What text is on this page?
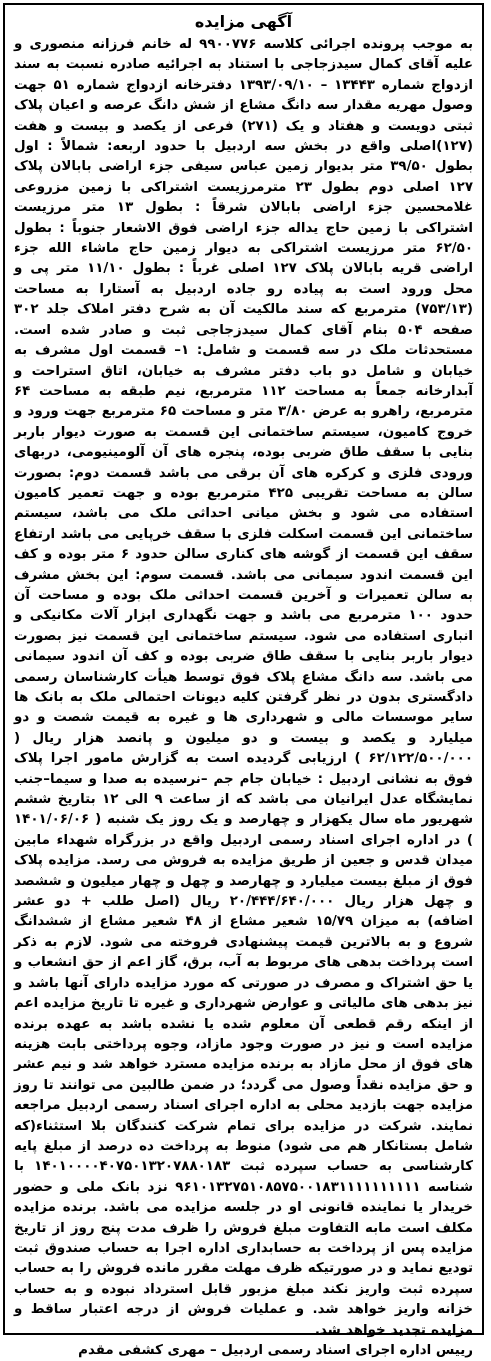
آگهی مزایده

به موجب پرونده اجرائی کلاسه ۹۹۰۰۷۷۶ له خانم فرزانه منصوری و علیه آقای کمال سیدزجاجی با استناد به اجرائیه صادره نسبت به سند ازدواج شماره ۱۳۴۴۳ – ۱۳۹۳/۰۹/۱۰ دفترخانه ازدواج شماره ۵۱ جهت وصول مهریه مقدار سه دانگ مشاع از شش دانگ عرصه و اعیان پلاک ثبتی دویست و هفتاد و یک (۲۷۱) فرعی از یکصد و بیست و هفت (۱۲۷)اصلی واقع در بخش سه اردبیل با حدود اربعه: شمالاً : اول بطول ۳۹/۵۰ متر بدیوار زمین عباس سیفی جزء اراضی بابالان پلاک ۱۲۷ اصلی دوم بطول ۲۳ مترمرزیست اشتراکی با زمین مزروعی غلامحسین جزء اراضی بابالان شرقاً : بطول ۱۳ متر مرزیست اشتراکی با زمین حاج یداله جزء اراضی فوق الاشعار جنوباً : بطول ۶۲/۵۰ متر مرزیست اشتراکی به دیوار زمین حاج ماشاء الله جزء اراضی قریه بابالان پلاک ۱۲۷ اصلی غرباً : بطول ۱۱/۱۰ متر پی و محل ورود است به پیاده رو جاده اردبیل به آستارا به مساحت (۷۵۳/۱۳) مترمربع که سند مالکیت آن به شرح دفتر املاک جلد ۳۰۲ صفحه ۵۰۴ بنام آقای کمال سیدزجاجی ثبت و صادر شده است. مستحدثات ملک در سه قسمت و شامل: ۱– قسمت اول مشرف به خیابان و شامل دو باب دفتر مشرف به خیابان، اتاق استراحت و آبدارخانه جمعاً به مساحت ۱۱۲ مترمربع، نیم طبقه به مساحت ۶۴ مترمربع، راهرو به عرض ۳/۸۰ متر و مساحت ۶۵ مترمربع جهت ورود و خروج کامیون، سیستم ساختمانی این قسمت به صورت دیوار باربر بنایی با سقف طاق ضربی بوده، پنجره های آن آلومینیومی، دربهای ورودی فلزی و کرکره های آن برقی می باشد قسمت دوم: بصورت سالن به مساحت تقریبی ۴۲۵ مترمربع بوده و جهت تعمیر کامیون استفاده می شود و بخش میانی احداثی ملک می باشد، سیستم ساختمانی این قسمت اسکلت فلزی با سقف خرپایی می باشد ارتفاع سقف این قسمت از گوشه های کناری سالن حدود ۶ متر بوده و کف این قسمت اندود سیمانی می باشد. قسمت سوم: این بخش مشرف به سالن تعمیرات و آخرین قسمت احداثی ملک بوده و مساحت آن حدود ۱۰۰ مترمربع می باشد و جهت نگهداری ابزار آلات مکانیکی و انباری استفاده می شود. سیستم ساختمانی این قسمت نیز بصورت دیوار باربر بنایی با سقف طاق ضربی بوده و کف آن اندود سیمانی می باشد. سه دانگ مشاع پلاک فوق توسط هیأت کارشناسان رسمی دادگستری بدون در نظر گرفتن کلیه دیونات احتمالی ملک به بانک ها سایر موسسات مالی و شهرداری ها و غیره به قیمت شصت و دو میلیارد و یکصد و بیست و دو میلیون و پانصد هزار ریال ( ۶۲/۱۲۲/۵۰۰/۰۰۰ ) ارزیابی گردیده است به گزارش مامور اجرا پلاک فوق به نشانی اردبیل : خیابان جام جم –نرسیده به صدا و سیما–جنب نمایشگاه عدل ایرانیان می باشد که از ساعت ۹ الی ۱۲ بتاریخ ششم شهریور ماه سال یکهزار و چهارصد و یک روز یک شنبه ( ۱۴۰۱/۰۶/۰۶ ) در اداره اجرای اسناد رسمی اردبیل واقع در بزرگراه شهداء مابین میدان قدس و جعین از طریق مزایده به فروش می رسد. مزایده پلاک فوق از مبلغ بیست میلیارد و چهارصد و چهل و چهار میلیون و ششصد و چهل هزار ریال ۲۰/۴۴۴/۶۴۰/۰۰۰ ریال (اصل طلب + دو عشر اضافه) به میزان ۱۵/۷۹ شعیر مشاع از ۴۸ شعیر مشاع از ششدانگ شروع و به بالاترین قیمت پیشنهادی فروخته می شود. لازم به ذکر است پرداخت بدهی های مربوط به آب، برق، گاز اعم از حق انشعاب و یا حق اشتراک و مصرف در صورتی که مورد مزایده دارای آنها باشد و نیز بدهی های مالیاتی و عوارض شهرداری و غیره تا تاریخ مزایده اعم از اینکه رقم قطعی آن معلوم شده یا نشده باشد به عهده برنده مزایده است و نیز در صورت وجود مازاد، وجوه پرداختی بابت هزینه های فوق از محل مازاد به برنده مزایده مسترد خواهد شد و نیم عشر و حق مزایده نقداً وصول می گردد؛ در ضمن طالبین می توانند تا روز مزایده جهت بازدید محلی به اداره اجرای اسناد رسمی اردبیل مراجعه نمایند. شرکت در مزایده برای تمام شرکت کنندگان بلا استثناء(که شامل بستانکار هم می شود) منوط به پرداخت ده درصد از مبلغ پایه کارشناسی به حساب سپرده ثبت ۱۴۰۱۰۰۰۰۴۰۷۵۰۱۳۲۰۷۸۸۰۱۸۳ با شناسه ۹۶۱۰۱۳۲۷۵۱۰۸۵۷۵۰۰۱۸۳۱۱۱۱۱۱۱۱۱۱ نزد بانک ملی و حضور خریدار یا نماینده قانونی او در جلسه مزایده می باشد. برنده مزایده مکلف است مابه التفاوت مبلغ فروش را ظرف مدت پنج روز از تاریخ مزایده پس از پرداخت به حسابداری اداره اجرا به حساب صندوق ثبت تودیع نماید و در صورتیکه ظرف مهلت مقرر مانده فروش را به حساب سپرده ثبت واریز نکند مبلغ مزبور قابل استرداد نبوده و به حساب خزانه واریز خواهد شد. و عملیات فروش از درجه اعتبار ساقط و مزایده تجدید خواهد شد.

رییس اداره اجرای اسناد رسمی اردبیل – مهری کشفی مقدم
